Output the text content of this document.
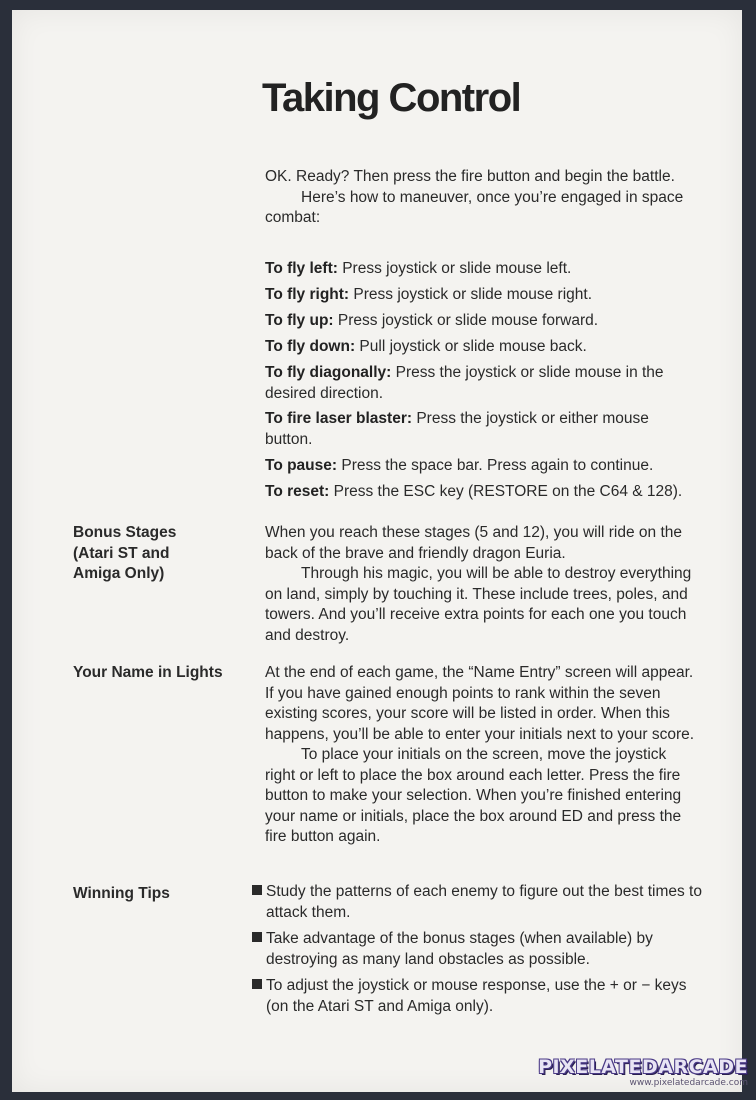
Taking Control

OK. Ready? Then press the fire button and begin the battle.

Here’s how to maneuver, once you’re engaged in space combat:

To fly left: Press joystick or slide mouse left.

To fly right: Press joystick or slide mouse right.

To fly up: Press joystick or slide mouse forward.

To fly down: Pull joystick or slide mouse back.

To fly diagonally: Press the joystick or slide mouse in the desired direction.

To fire laser blaster: Press the joystick or either mouse button.

To pause: Press the space bar. Press again to continue.

To reset: Press the ESC key (RESTORE on the C64 & 128).

Bonus Stages
(Atari ST and
Amiga Only)

When you reach these stages (5 and 12), you will ride on the back of the brave and friendly dragon Euria.

Through his magic, you will be able to destroy everything on land, simply by touching it. These include trees, poles, and towers. And you’ll receive extra points for each one you touch and destroy.

Your Name in Lights	At the end of each game, the “Name Entry” screen will appear. If you have gained enough points to rank within the seven existing scores, your score will be listed in order. When this happens, you’ll be able to enter your initials next to your score.

To place your initials on the screen, move the joystick right or left to place the box around each letter. Press the fire button to make your selection. When you’re finished entering your name or initials, place the box around ED and press the fire button again.

Winning Tips	Study the patterns of each enemy to figure out the best times to attack them.
Take advantage of the bonus stages (when available) by destroying as many land obstacles as possible.
To adjust the joystick or mouse response, use the + or − keys (on the Atari ST and Amiga only).
PIXELATEDARCADE
www.pixelatedarcade.com
